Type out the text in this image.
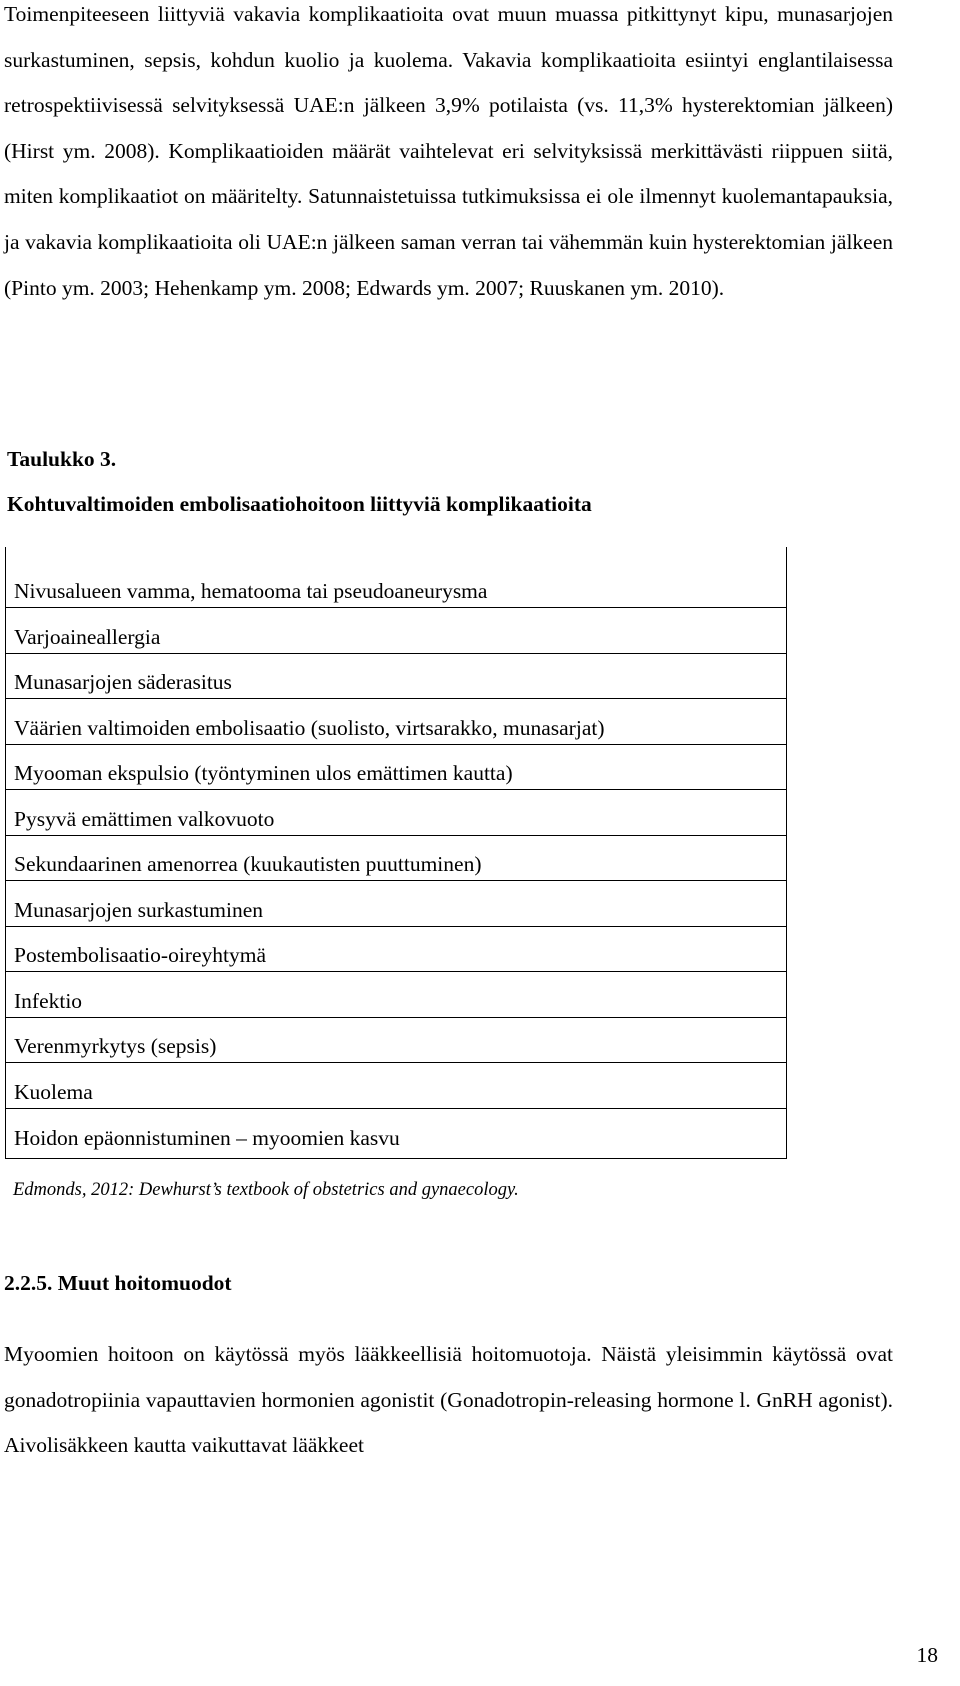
Toimenpiteeseen liittyviä vakavia komplikaatioita ovat muun muassa pitkittynyt kipu, munasarjojen surkastuminen, sepsis, kohdun kuolio ja kuolema. Vakavia komplikaatioita esiintyi englantilaisessa retrospektiivisessä selvityksessä UAE:n jälkeen 3,9% potilaista (vs. 11,3% hysterektomian jälkeen) (Hirst ym. 2008). Komplikaatioiden määrät vaihtelevat eri selvityksissä merkittävästi riippuen siitä, miten komplikaatiot on määritelty. Satunnaistetuissa tutkimuksissa ei ole ilmennyt kuolemantapauksia, ja vakavia komplikaatioita oli UAE:n jälkeen saman verran tai vähemmän kuin hysterektomian jälkeen (Pinto ym. 2003; Hehenkamp ym. 2008; Edwards ym. 2007; Ruuskanen ym. 2010).

Taulukko 3.

Kohtuvaltimoiden embolisaatiohoitoon liittyviä komplikaatioita

Nivusalueen vamma, hematooma tai pseudoaneurysma
Varjoaineallergia
Munasarjojen säderasitus
Väärien valtimoiden embolisaatio (suolisto, virtsarakko, munasarjat)
Myooman ekspulsio (työntyminen ulos emättimen kautta)
Pysyvä emättimen valkovuoto
Sekundaarinen amenorrea (kuukautisten puuttuminen)
Munasarjojen surkastuminen
Postembolisaatio-oireyhtymä
Infektio
Verenmyrkytys (sepsis)
Kuolema
Hoidon epäonnistuminen – myoomien kasvu

Edmonds, 2012: Dewhurst’s textbook of obstetrics and gynaecology.

2.2.5. Muut hoitomuodot

Myoomien hoitoon on käytössä myös lääkkeellisiä hoitomuotoja. Näistä yleisimmin käytössä ovat gonadotropiinia vapauttavien hormonien agonistit (Gonadotropin-releasing hormone l. GnRH agonist). Aivolisäkkeen kautta vaikuttavat lääkkeet

18
